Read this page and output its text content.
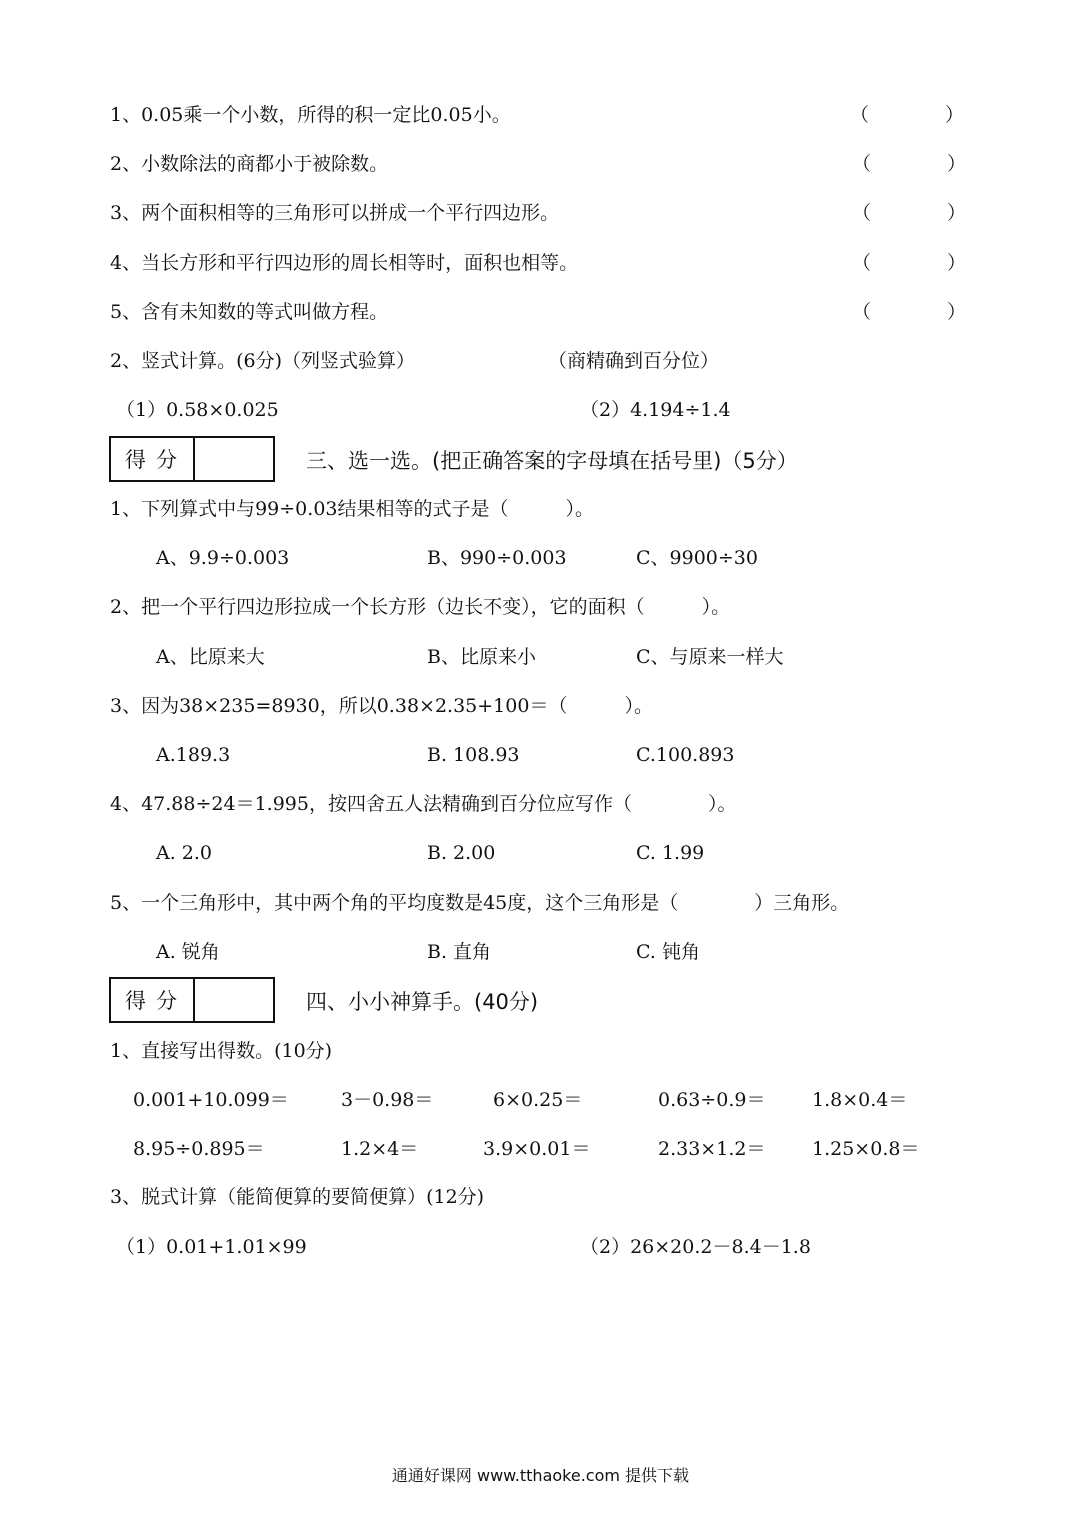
1、0.05乘一个小数，所得的积一定比0.05小。	（　　　　）
2、小数除法的商都小于被除数。	（　　　　）
3、两个面积相等的三角形可以拼成一个平行四边形。	（　　　　）
4、当长方形和平行四边形的周长相等时，面积也相等。	（　　　　）
5、含有未知数的等式叫做方程。	（　　　　）
2、竖式计算。(6分)（列竖式验算）	（商精确到百分位）
（1）0.58×0.025	（2）4.194÷1.4
得分	三、选一选。(把正确答案的字母填在括号里)（5分）
1、下列算式中与99÷0.03结果相等的式子是（　　　）。
A、9.9÷0.003	B、990÷0.003	C、9900÷30
2、把一个平行四边形拉成一个长方形（边长不变），它的面积（　　　）。
A、比原来大	B、比原来小	C、与原来一样大
3、因为38×235=8930，所以0.38×2.35+100＝（　　　）。
A.189.3	B. 108.93	C.100.893
4、47.88÷24＝1.995，按四舍五人法精确到百分位应写作（　　　　）。
A. 2.0	B. 2.00	C. 1.99
5、一个三角形中，其中两个角的平均度数是45度，这个三角形是（　　　　）三角形。
A. 锐角	B. 直角	C. 钝角
得分	四、小小神算手。(40分)
1、直接写出得数。(10分)
0.001+10.099＝	3－0.98＝	6×0.25＝	0.63÷0.9＝ 1.8×0.4＝
8.95÷0.895＝	1.2×4＝	3.9×0.01＝	2.33×1.2＝ 1.25×0.8＝
3、脱式计算（能简便算的要简便算）(12分)
（1）0.01+1.01×99	（2）26×20.2－8.4－1.8
通通好课网 www.tthaoke.com 提供下载
